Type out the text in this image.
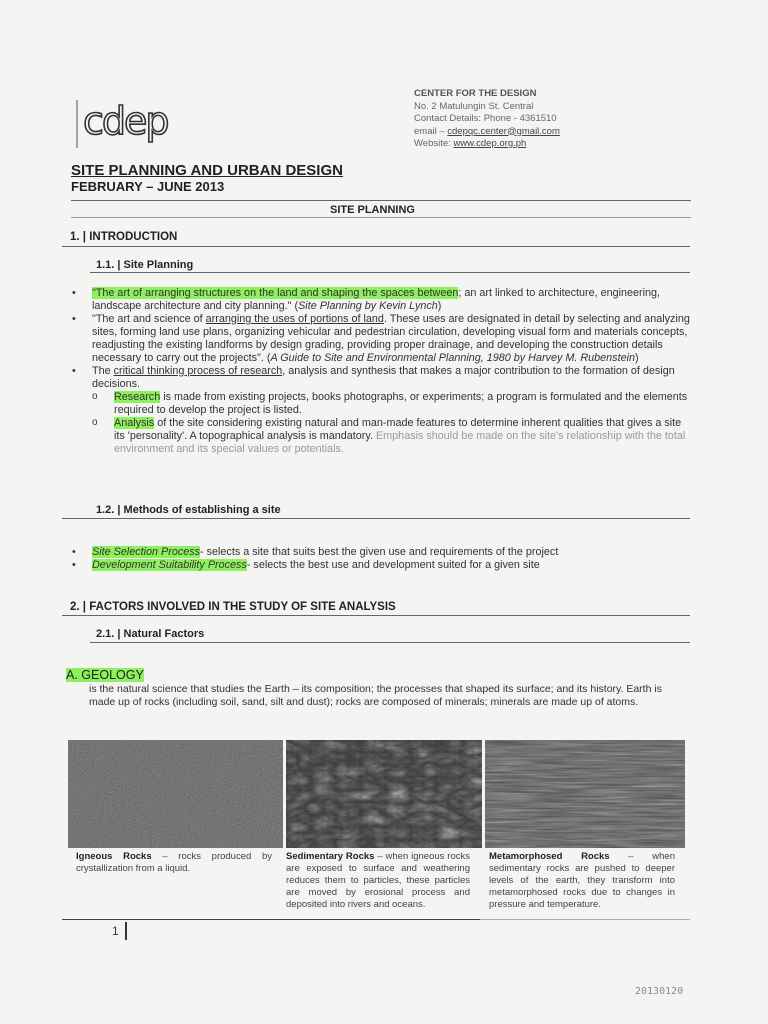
cdep
CENTER FOR THE DESIGN
No. 2 Matulungin St. Central
Contact Details: Phone - 4361510
email – cdepqc.center@gmail.com
Website: www.cdep.org.ph
SITE PLANNING AND URBAN DESIGN
FEBRUARY – JUNE 2013
SITE PLANNING
1. | INTRODUCTION
1.1. | Site Planning
• "The art of arranging structures on the land and shaping the spaces between; an art linked to architecture, engineering, landscape architecture and city planning." (Site Planning by Kevin Lynch)
• "The art and science of arranging the uses of portions of land. These uses are designated in detail by selecting and analyzing sites, forming land use plans, organizing vehicular and pedestrian circulation, developing visual form and materials concepts, readjusting the existing landforms by design grading, providing proper drainage, and developing the construction details necessary to carry out the projects". (A Guide to Site and Environmental Planning, 1980 by Harvey M. Rubenstein)
• The critical thinking process of research, analysis and synthesis that makes a major contribution to the formation of design decisions.
o Research is made from existing projects, books photographs, or experiments; a program is formulated and the elements required to develop the project is listed.
o Analysis of the site considering existing natural and man-made features to determine inherent qualities that gives a site its 'personality'. A topographical analysis is mandatory. Emphasis should be made on the site's relationship with the total environment and its special values or potentials.
1.2. | Methods of establishing a site
• Site Selection Process- selects a site that suits best the given use and requirements of the project
• Development Suitability Process- selects the best use and development suited for a given site
2. | FACTORS INVOLVED IN THE STUDY OF SITE ANALYSIS
2.1. | Natural Factors
A. GEOLOGY
is the natural science that studies the Earth – its composition; the processes that shaped its surface; and its history. Earth is made up of rocks (including soil, sand, silt and dust); rocks are composed of minerals; minerals are made up of atoms.
Igneous Rocks – rocks produced by crystallization from a liquid.
Sedimentary Rocks – when igneous rocks are exposed to surface and weathering reduces them to particles, these particles are moved by erosional process and deposited into rivers and oceans.
Metamorphosed Rocks – when sedimentary rocks are pushed to deeper levels of the earth, they transform into metamorphosed rocks due to changes in pressure and temperature.
1
20130120
